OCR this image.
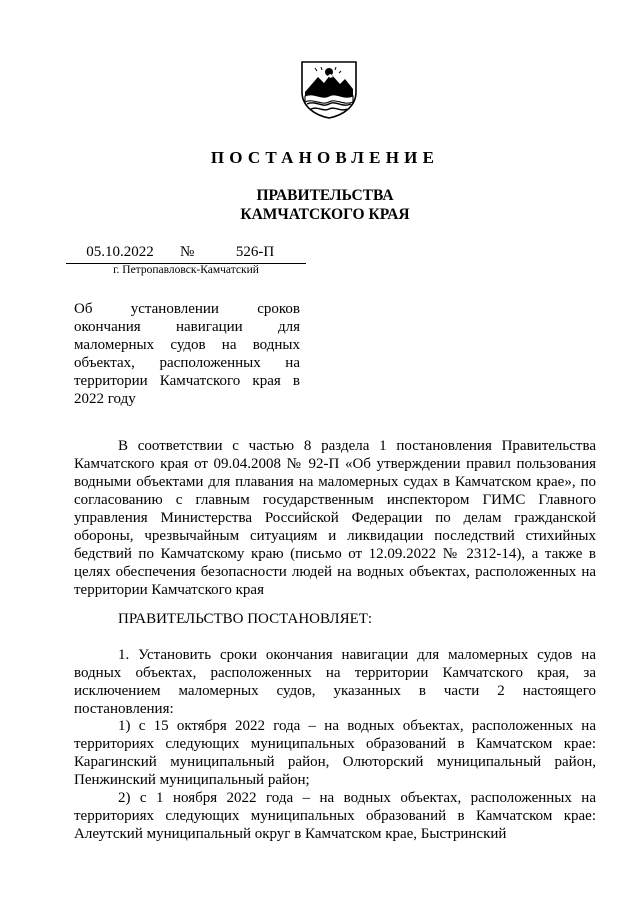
ПОСТАНОВЛЕНИЕ
ПРАВИТЕЛЬСТВА
КАМЧАТСКОГО КРАЯ
05.10.2022	№	526-П
г. Петропавловск-Камчатский
Об установлении сроков окончания навигации для маломерных судов на водных объектах, расположенных на территории Камчатского края в 2022 году
В соответствии с частью 8 раздела 1 постановления Правительства Камчатского края от 09.04.2008 № 92-П «Об утверждении правил пользования водными объектами для плавания на маломерных судах в Камчатском крае», по согласованию с главным государственным инспектором ГИМС Главного управления Министерства Российской Федерации по делам гражданской обороны, чрезвычайным ситуациям и ликвидации последствий стихийных бедствий по Камчатскому краю (письмо от 12.09.2022 № 2312-14), а также в целях обеспечения безопасности людей на водных объектах, расположенных на территории Камчатского края
ПРАВИТЕЛЬСТВО ПОСТАНОВЛЯЕТ:
1. Установить сроки окончания навигации для маломерных судов на водных объектах, расположенных на территории Камчатского края, за исключением маломерных судов, указанных в части 2 настоящего постановления:
1) с 15 октября 2022 года – на водных объектах, расположенных на территориях следующих муниципальных образований в Камчатском крае: Карагинский муниципальный район, Олюторский муниципальный район, Пенжинский муниципальный район;
2) с 1 ноября 2022 года – на водных объектах, расположенных на территориях следующих муниципальных образований в Камчатском крае: Алеутский муниципальный округ в Камчатском крае, Быстринский
